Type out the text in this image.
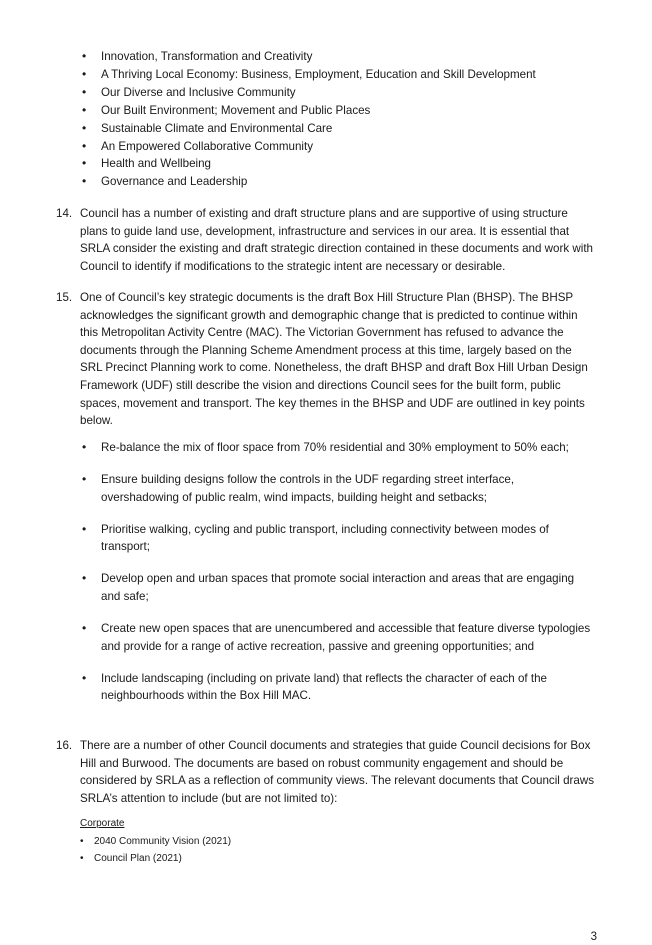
• Innovation, Transformation and Creativity
• A Thriving Local Economy: Business, Employment, Education and Skill Development
• Our Diverse and Inclusive Community
• Our Built Environment; Movement and Public Places
• Sustainable Climate and Environmental Care
• An Empowered Collaborative Community
• Health and Wellbeing
• Governance and Leadership
14. Council has a number of existing and draft structure plans and are supportive of using structure plans to guide land use, development, infrastructure and services in our area. It is essential that SRLA consider the existing and draft strategic direction contained in these documents and work with Council to identify if modifications to the strategic intent are necessary or desirable.
15. One of Council’s key strategic documents is the draft Box Hill Structure Plan (BHSP). The BHSP acknowledges the significant growth and demographic change that is predicted to continue within this Metropolitan Activity Centre (MAC). The Victorian Government has refused to advance the documents through the Planning Scheme Amendment process at this time, largely based on the SRL Precinct Planning work to come. Nonetheless, the draft BHSP and draft Box Hill Urban Design Framework (UDF) still describe the vision and directions Council sees for the built form, public spaces, movement and transport. The key themes in the BHSP and UDF are outlined in key points below.
• Re-balance the mix of floor space from 70% residential and 30% employment to 50% each;
• Ensure building designs follow the controls in the UDF regarding street interface, overshadowing of public realm, wind impacts, building height and setbacks;
• Prioritise walking, cycling and public transport, including connectivity between modes of transport;
• Develop open and urban spaces that promote social interaction and areas that are engaging and safe;
• Create new open spaces that are unencumbered and accessible that feature diverse typologies and provide for a range of active recreation, passive and greening opportunities; and
• Include landscaping (including on private land) that reflects the character of each of the neighbourhoods within the Box Hill MAC.
16. There are a number of other Council documents and strategies that guide Council decisions for Box Hill and Burwood. The documents are based on robust community engagement and should be considered by SRLA as a reflection of community views. The relevant documents that Council draws SRLA’s attention to include (but are not limited to):
Corporate
• 2040 Community Vision (2021)
• Council Plan (2021)
3
